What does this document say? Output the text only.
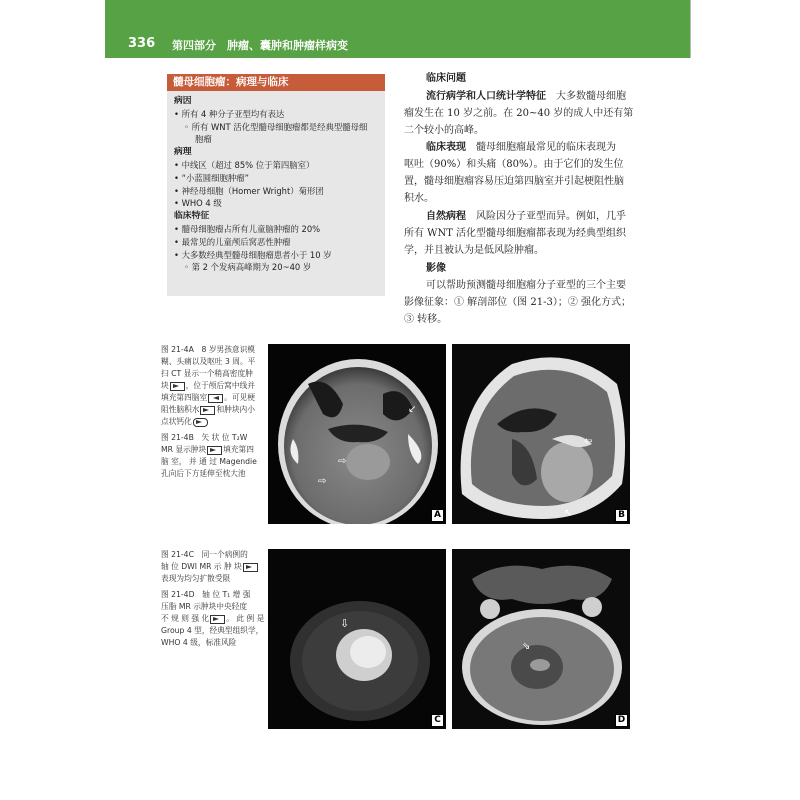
336 第四部分　肿瘤、囊肿和肿瘤样病变
髓母细胞瘤：病理与临床
病因
• 所有 4 种分子亚型均有表达
◦ 所有 WNT 活化型髓母细胞瘤都是经典型髓母细
胞瘤
病理
• 中线区（超过 85% 位于第四脑室）
• “小蓝圆细胞肿瘤”
• 神经母细胞（Homer Wright）菊形团
• WHO 4 级
临床特征
• 髓母细胞瘤占所有儿童脑肿瘤的 20%
• 最常见的儿童颅后窝恶性肿瘤
• 大多数经典型髓母细胞瘤患者小于 10 岁
◦ 第 2 个发病高峰期为 20~40 岁
临床问题
流行病学和人口统计学特征　 大多数髓母细胞
瘤发生在 10 岁之前。在 20~40 岁的成人中还有第
二个较小的高峰。
临床表现　 髓母细胞瘤最常见的临床表现为
呕吐（90%）和头痛（80%）。由于它们的发生位
置，髓母细胞瘤容易压迫第四脑室并引起梗阻性脑
积水。
自然病程　 风险因分子亚型而异。例如，几乎
所有 WNT 活化型髓母细胞瘤都表现为经典型组织
学，并且被认为是低风险肿瘤。
影像
可以帮助预测髓母细胞瘤分子亚型的三个主要
影像征象：① 解剖部位（图 21-3）；② 强化方式；
③ 转移。
图 21-4A　8 岁男孩意识模
糊、头痛以及呕吐 3 周。平
扫 CT 显示一个稍高密度肿
块 ，位于颅后窝中线并
填充第四脑室 。可见梗
阻性脑积水 和肿块内小
点状钙化
图 21-4B　矢 状 位 T₂W
MR 显示肿块 填充第四
脑 室， 并 通 过 Magendie
孔向后下方延伸至枕大池
图 21-4C　同一个病例的
轴 位 DWI MR 示 肿 块
表现为均匀扩散受限
图 21-4D　轴 位 T₁ 增 强
压脂 MR 示肿块中央轻度
不 规 则 强 化 。 此 例 是
Group 4 型，经典型组织学，
WHO 4 级，标准风险
⇨
⇨
↙
A
⇦
↖	B
⇩
C
⇘
D
